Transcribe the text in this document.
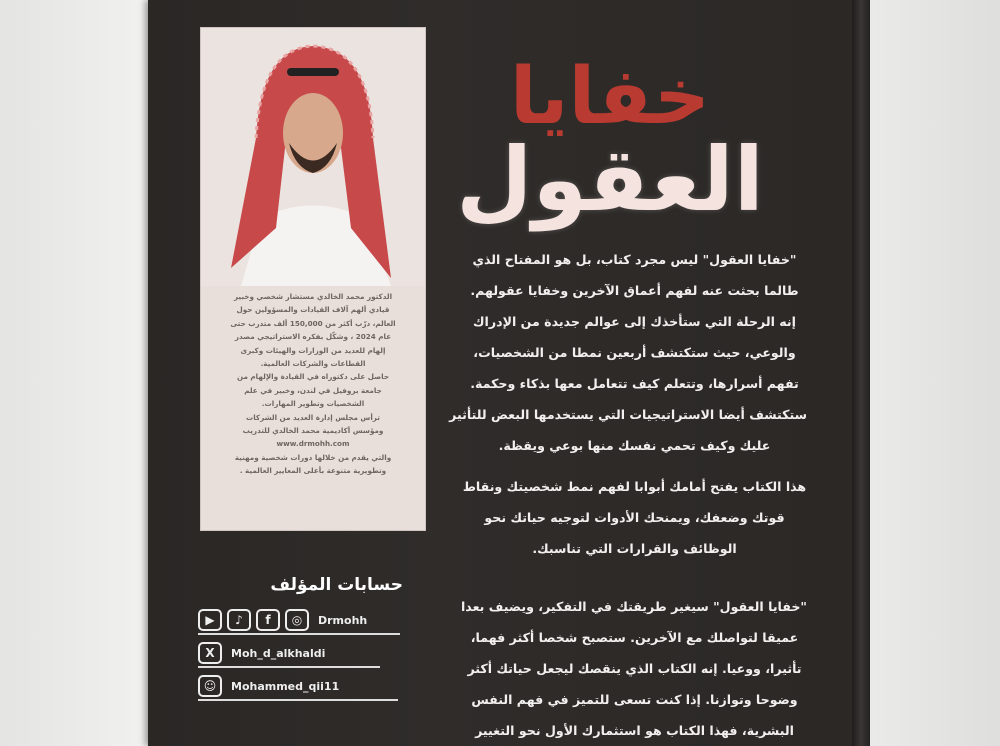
الدكتور محمد الخالدي مستشار شخصي وخبير

قيادي ألهم آلاف القيادات والمسؤولين حول

العالم، درّب أكثر من 150,000 ألف متدرب حتى

عام 2024 ، وشكّل بفكره الاستراتيجي مصدر

إلهام للعديد من الوزارات والهيئات وكبرى

القطاعات والشركات العالمية.

حاصل على دكتوراه في القيادة والإلهام من

جامعة بروفيل في لندن، وخبير في علم

الشخصيات وتطوير المهارات.

ترأس مجلس إدارة العديد من الشركات

ومؤسس أكاديمية محمد الخالدي للتدريب

www.drmohh.com

والتي يقدم من خلالها دورات شخصية ومهنية

وتطويرية متنوعة بأعلى المعايير العالمية .

خفايا
العقول
"خفايا العقول" ليس مجرد كتاب، بل هو المفتاح الذي
طالما بحثت عنه لفهم أعماق الآخرين وخفايا عقولهم.
إنه الرحلة التي ستأخذك إلى عوالم جديدة من الإدراك
والوعي، حيث ستكتشف أربعين نمطا من الشخصيات،
تفهم أسرارها، وتتعلم كيف تتعامل معها بذكاء وحكمة.
ستكتشف أيضا الاستراتيجيات التي يستخدمها البعض للتأثير
عليك وكيف تحمي نفسك منها بوعي ويقظة.
هذا الكتاب يفتح أمامك أبوابا لفهم نمط شخصيتك ونقاط
قوتك وضعفك، ويمنحك الأدوات لتوجيه حياتك نحو
الوظائف والقرارات التي تناسبك.
"خفايا العقول" سيغير طريقتك في التفكير، ويضيف بعدا
عميقا لتواصلك مع الآخرين. ستصبح شخصا أكثر فهما،
تأثيرا، ووعيا. إنه الكتاب الذي ينقصك ليجعل حياتك أكثر
وضوحا وتوازنا. إذا كنت تسعى للتميز في فهم النفس
البشرية، فهذا الكتاب هو استثمارك الأول نحو التغيير
حسابات المؤلف
▶	♪	f	◎	Drmohh
X	Moh_d_alkhaldi
☺	Mohammed_qii11
